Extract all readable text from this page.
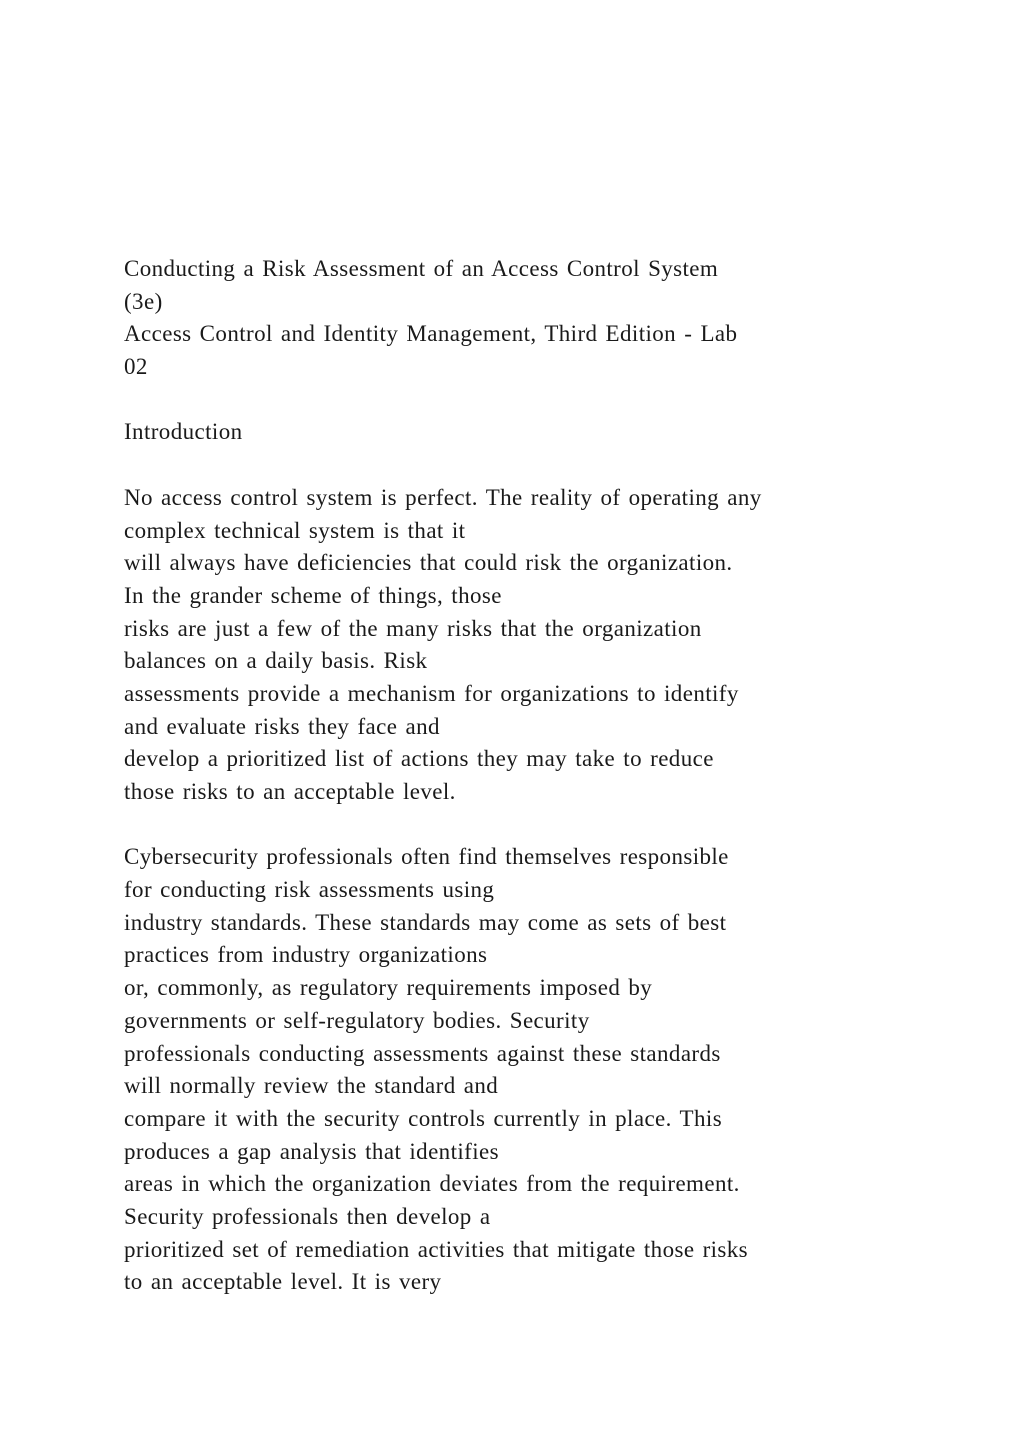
Conducting a Risk Assessment of an Access Control System
(3e)
Access Control and Identity Management, Third Edition - Lab
02
Introduction
No access control system is perfect. The reality of operating any
complex technical system is that it
will always have deficiencies that could risk the organization.
In the grander scheme of things, those
risks are just a few of the many risks that the organization
balances on a daily basis. Risk
assessments provide a mechanism for organizations to identify
and evaluate risks they face and
develop a prioritized list of actions they may take to reduce
those risks to an acceptable level.
Cybersecurity professionals often find themselves responsible
for conducting risk assessments using
industry standards. These standards may come as sets of best
practices from industry organizations
or, commonly, as regulatory requirements imposed by
governments or self-regulatory bodies. Security
professionals conducting assessments against these standards
will normally review the standard and
compare it with the security controls currently in place. This
produces a gap analysis that identifies
areas in which the organization deviates from the requirement.
Security professionals then develop a
prioritized set of remediation activities that mitigate those risks
to an acceptable level. It is very
